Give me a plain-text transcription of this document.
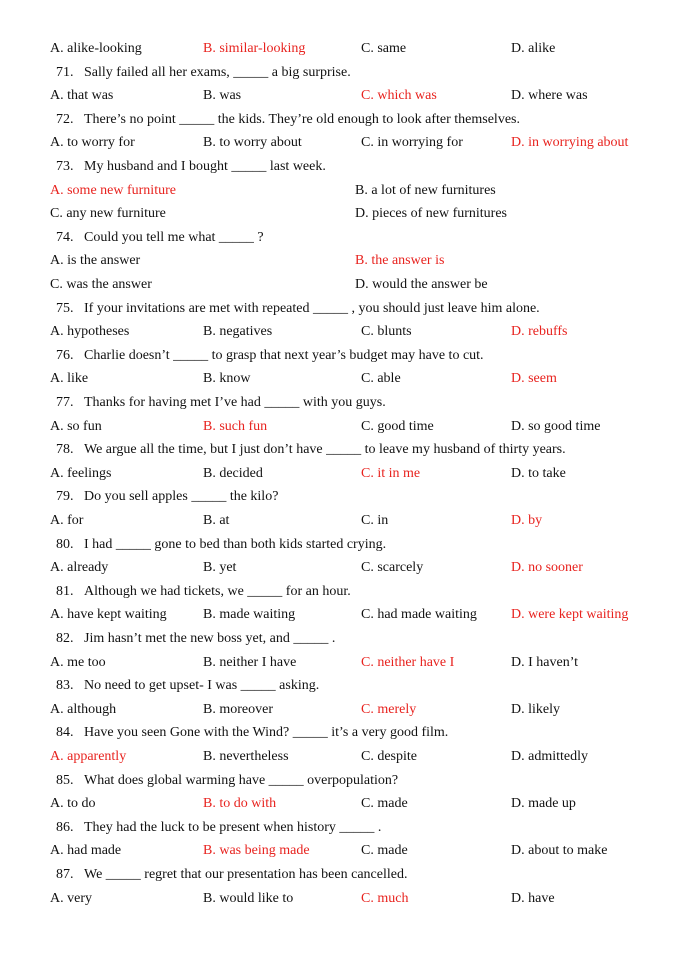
A. alike-looking	B. similar-looking	C. same	D. alike
71. Sally failed all her exams, _____ a big surprise.
A. that was	B. was	C. which was	D. where was
72. There’s no point _____ the kids. They’re old enough to look after themselves.
A. to worry for	B. to worry about	C. in worrying for	D. in worrying about
73. My husband and I bought _____ last week.
A. some new furniture	B. a lot of new furnitures
C. any new furniture	D. pieces of new furnitures
74. Could you tell me what _____ ?
A. is the answer	B. the answer is
C. was the answer	D. would the answer be
75. If your invitations are met with repeated _____ , you should just leave him alone.
A. hypotheses	B. negatives	C. blunts	D. rebuffs
76. Charlie doesn’t _____ to grasp that next year’s budget may have to cut.
A. like	B. know	C. able	D. seem
77. Thanks for having met I’ve had _____ with you guys.
A. so fun	B. such fun	C. good time	D. so good time
78. We argue all the time, but I just don’t have _____ to leave my husband of thirty years.
A. feelings	B. decided	C. it in me	D. to take
79. Do you sell apples _____ the kilo?
A. for	B. at	C. in	D. by
80. I had _____ gone to bed than both kids started crying.
A. already	B. yet	C. scarcely	D. no sooner
81. Although we had tickets, we _____ for an hour.
A. have kept waiting	B. made waiting	C. had made waiting D. were kept waiting
82. Jim hasn’t met the new boss yet, and _____ .
A. me too	B. neither I have	C. neither have I	D. I haven’t
83. No need to get upset- I was _____ asking.
A. although	B. moreover	C. merely	D. likely
84. Have you seen Gone with the Wind? _____ it’s a very good film.
A. apparently	B. nevertheless	C. despite	D. admittedly
85. What does global warming have _____ overpopulation?
A. to do	B. to do with	C. made	D. made up
86. They had the luck to be present when history _____ .
A. had made	B. was being made	C. made	D. about to make
87. We _____ regret that our presentation has been cancelled.
A. very	B. would like to	C. much	D. have
